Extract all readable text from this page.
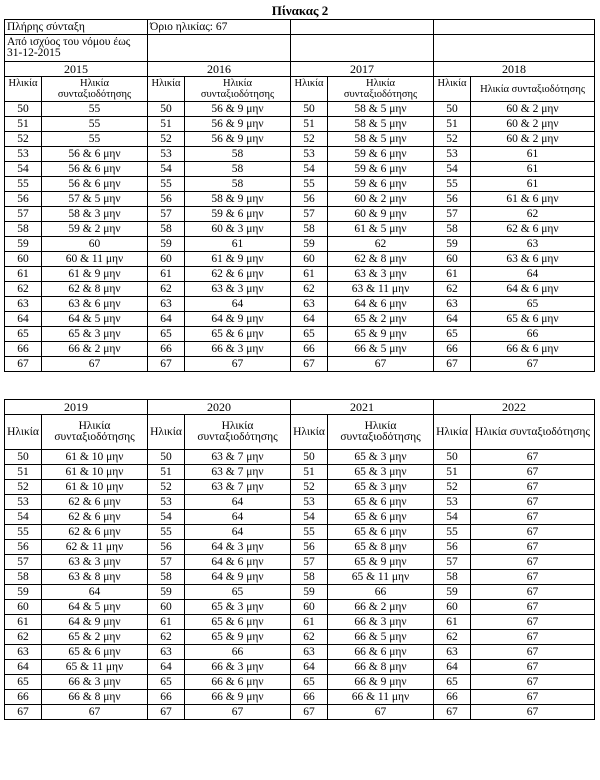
Πίνακας 2
Πλήρης σύνταξη		Όριο ηλικίας: 67					
Από ισχύος του νόμου έως 31-12-2015							
2015		2016		2017		2018	
Ηλικία	Ηλικία συνταξιοδότησης	Ηλικία	Ηλικία συνταξιοδότησης	Ηλικία	Ηλικία συνταξιοδότησης	Ηλικία	Ηλικία συνταξιοδότησης
50	55	50	56 & 9 μην	50	58 & 5 μην	50	60 & 2 μην
51	55	51	56 & 9 μην	51	58 & 5 μην	51	60 & 2 μην
52	55	52	56 & 9 μην	52	58 & 5 μην	52	60 & 2 μην
53	56 & 6 μην	53	58	53	59 & 6 μην	53	61
54	56 & 6 μην	54	58	54	59 & 6 μην	54	61
55	56 & 6 μην	55	58	55	59 & 6 μην	55	61
56	57 & 5 μην	56	58 & 9 μην	56	60 & 2 μην	56	61 & 6 μην
57	58 & 3 μην	57	59 & 6 μην	57	60 & 9 μην	57	62
58	59 & 2 μην	58	60 & 3 μην	58	61 & 5 μην	58	62 & 6 μην
59	60	59	61	59	62	59	63
60	60 & 11 μην	60	61 & 9 μην	60	62 & 8 μην	60	63 & 6 μην
61	61 & 9 μην	61	62 & 6 μην	61	63 & 3 μην	61	64
62	62 & 8 μην	62	63 & 3 μην	62	63 & 11 μην	62	64 & 6 μην
63	63 & 6 μην	63	64	63	64 & 6 μην	63	65
64	64 & 5 μην	64	64 & 9 μην	64	65 & 2 μην	64	65 & 6 μην
65	65 & 3 μην	65	65 & 6 μην	65	65 & 9 μην	65	66
66	66 & 2 μην	66	66 & 3 μην	66	66 & 5 μην	66	66 & 6 μην
67	67	67	67	67	67	67	67
2019		2020		2021		2022	
Ηλικία	Ηλικία συνταξιοδότησης	Ηλικία	Ηλικία συνταξιοδότησης	Ηλικία	Ηλικία συνταξιοδότησης	Ηλικία	Ηλικία συνταξιοδότησης
50	61 & 10 μην	50	63 & 7 μην	50	65 & 3 μην	50	67
51	61 & 10 μην	51	63 & 7 μην	51	65 & 3 μην	51	67
52	61 & 10 μην	52	63 & 7 μην	52	65 & 3 μην	52	67
53	62 & 6 μην	53	64	53	65 & 6 μην	53	67
54	62 & 6 μην	54	64	54	65 & 6 μην	54	67
55	62 & 6 μην	55	64	55	65 & 6 μην	55	67
56	62 & 11 μην	56	64 & 3 μην	56	65 & 8 μην	56	67
57	63 & 3 μην	57	64 & 6 μην	57	65 & 9 μην	57	67
58	63 & 8 μην	58	64 & 9 μην	58	65 & 11 μην	58	67
59	64	59	65	59	66	59	67
60	64 & 5 μην	60	65 & 3 μην	60	66 & 2 μην	60	67
61	64 & 9 μην	61	65 & 6 μην	61	66 & 3 μην	61	67
62	65 & 2 μην	62	65 & 9 μην	62	66 & 5 μην	62	67
63	65 & 6 μην	63	66	63	66 & 6 μην	63	67
64	65 & 11 μην	64	66 & 3 μην	64	66 & 8 μην	64	67
65	66 & 3 μην	65	66 & 6 μην	65	66 & 9 μην	65	67
66	66 & 8 μην	66	66 & 9 μην	66	66 & 11 μην	66	67
67	67	67	67	67	67	67	67
